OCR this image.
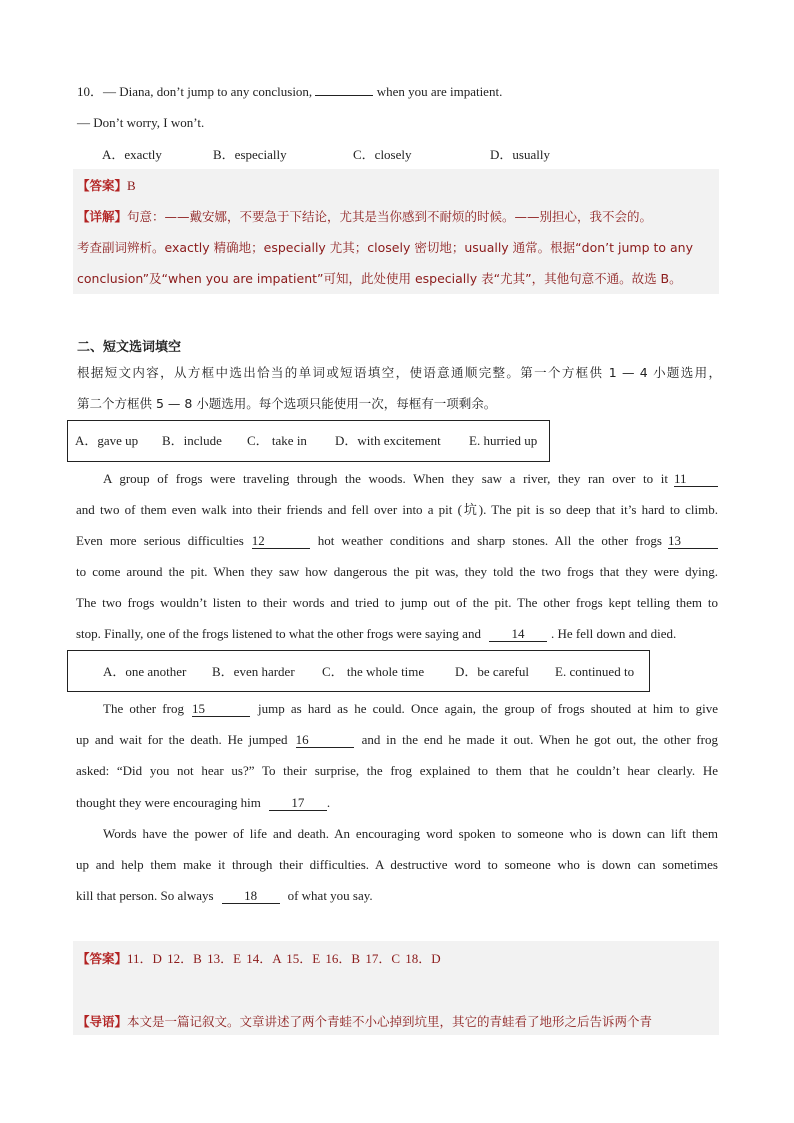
10．— Diana, don’t jump to any conclusion,	when you are impatient.
— Don’t worry, I won’t.
A．exactly	B．especially	C．closely	D．usually
【答案】B
【详解】句意：——戴安娜，不要急于下结论，尤其是当你感到不耐烦的时候。——别担心，我不会的。
考查副词辨析。exactly 精确地；especially 尤其；closely 密切地；usually 通常。根据“don’t jump to any
conclusion”及“when you are impatient”可知，此处使用 especially 表“尤其”，其他句意不通。故选 B。
二、短文选词填空
根据短文内容，从方框中选出恰当的单词或短语填空，使语意通顺完整。第一个方框供 1 — 4 小题选用，
第二个方框供 5 — 8 小题选用。每个选项只能使用一次，每框有一项剩余。
A．gave up B．include C． take in D．with excitement E. hurried up
A group of frogs were traveling through the woods. When they saw a river, they ran over to it 11
and two of them even walk into their friends and fell over into a pit (坑). The pit is so deep that it’s hard to climb.
Even more serious difficulties 12	hot weather conditions and sharp stones. All the other frogs 13
to come around the pit. When they saw how dangerous the pit was, they told the two frogs that they were dying.
The two frogs wouldn’t listen to their words and tried to jump out of the pit. The other frogs kept telling them to
stop. Finally, one of the frogs listened to what the other frogs were saying and 14 . He fell down and died.
A．one another B．even harder C． the whole time D．be careful E. continued to
The other frog 15	jump as hard as he could. Once again, the group of frogs shouted at him to give
up and wait for the death. He jumped 16	and in the end he made it out. When he got out, the other frog
asked: “Did you not hear us?” To their surprise, the frog explained to them that he couldn’t hear clearly. He
thought they were encouraging him 17 .
Words have the power of life and death. An encouraging word spoken to someone who is down can lift them
up and help them make it through their difficulties. A destructive word to someone who is down can sometimes
kill that person. So always 18 of what you say.
【答案】11．D 12．B 13．E 14．A 15．E 16．B 17．C 18．D
【导语】本文是一篇记叙文。文章讲述了两个青蛙不小心掉到坑里，其它的青蛙看了地形之后告诉两个青
